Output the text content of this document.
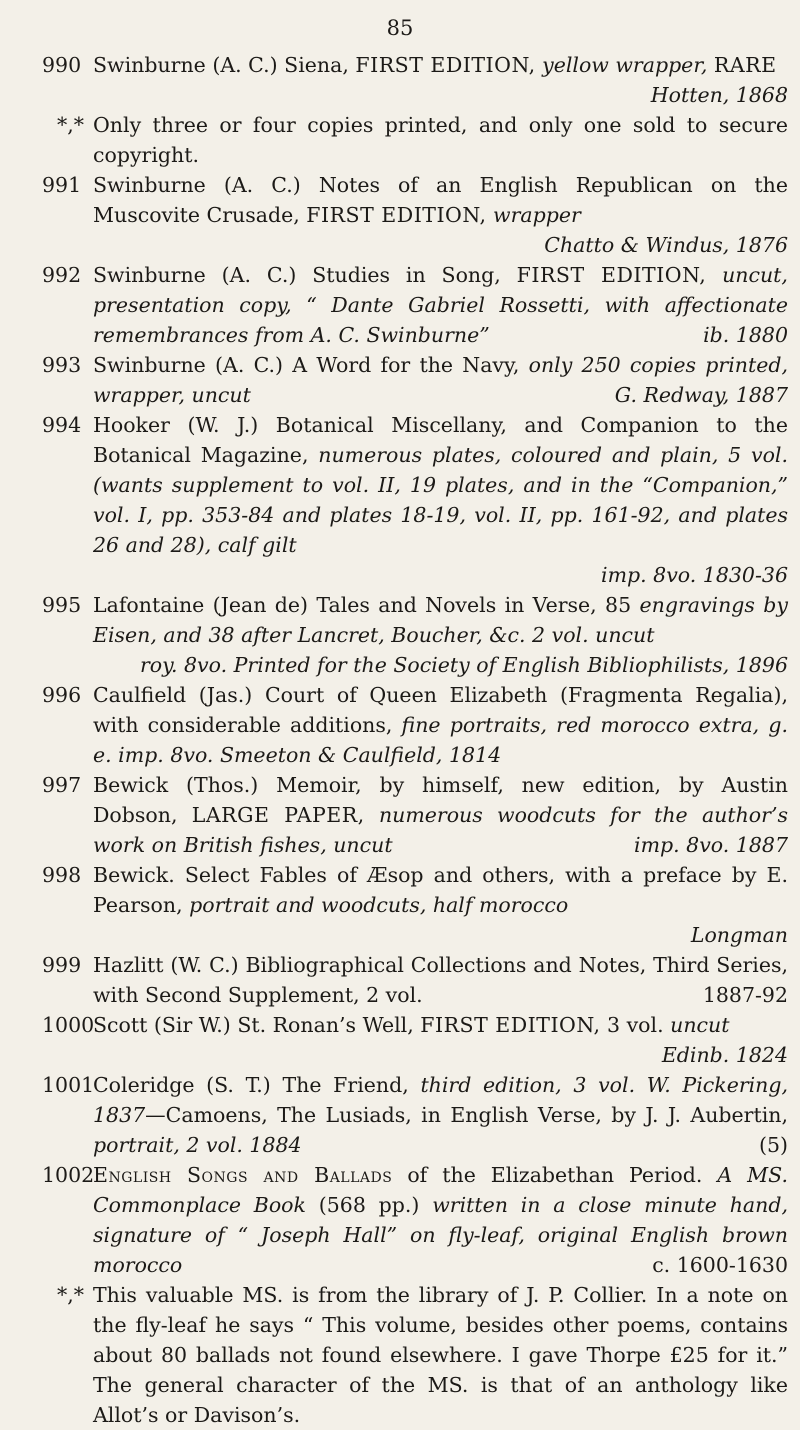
85
990 Swinburne (A. C.) Siena, FIRST EDITION, yellow wrapper, RARE
Hotten, 1868
*,* Only three or four copies printed, and only one sold to secure copyright.
991 Swinburne (A. C.) Notes of an English Republican on the Muscovite Crusade, FIRST EDITION, wrapper
Chatto & Windus, 1876
992 Swinburne (A. C.) Studies in Song, FIRST EDITION, uncut, presentation copy, “ Dante Gabriel Rossetti, with affectionate remembrances from A. C. Swinburne”	ib. 1880
993 Swinburne (A. C.) A Word for the Navy, only 250 copies printed, wrapper, uncut	G. Redway, 1887
994 Hooker (W. J.) Botanical Miscellany, and Companion to the Botanical Magazine, numerous plates, coloured and plain, 5 vol. (wants supplement to vol. II, 19 plates, and in the “Companion,” vol. I, pp. 353-84 and plates 18-19, vol. II, pp. 161-92, and plates 26 and 28), calf gilt
imp. 8vo. 1830-36
995 Lafontaine (Jean de) Tales and Novels in Verse, 85 engravings by Eisen, and 38 after Lancret, Boucher, &c. 2 vol. uncut
roy. 8vo. Printed for the Society of English Bibliophilists, 1896
996 Caulfield (Jas.) Court of Queen Elizabeth (Fragmenta Regalia), with considerable additions, fine portraits, red morocco extra, g. e. imp. 8vo. Smeeton & Caulfield, 1814
997 Bewick (Thos.) Memoir, by himself, new edition, by Austin Dobson, LARGE PAPER, numerous woodcuts for the author’s work on British fishes, uncut	imp. 8vo. 1887
998 Bewick. Select Fables of Æsop and others, with a preface by E. Pearson, portrait and woodcuts, half morocco
Longman
999 Hazlitt (W. C.) Bibliographical Collections and Notes, Third Series, with Second Supplement, 2 vol.	1887-92
1000Scott (Sir W.) St. Ronan’s Well, FIRST EDITION, 3 vol. uncut
Edinb. 1824
1001Coleridge (S. T.) The Friend, third edition, 3 vol. W. Pickering, 1837—Camoens, The Lusiads, in English Verse, by J. J. Aubertin, portrait, 2 vol. 1884	(5)
1002English Songs and Ballads of the Elizabethan Period. A MS. Commonplace Book (568 pp.) written in a close minute hand, signature of “ Joseph Hall” on fly-leaf, original English brown morocco	c. 1600-1630
*,* This valuable MS. is from the library of J. P. Collier. In a note on the fly-leaf he says “ This volume, besides other poems, contains about 80 ballads not found elsewhere. I gave Thorpe £25 for it.” The general character of the MS. is that of an anthology like Allot’s or Davison’s.
